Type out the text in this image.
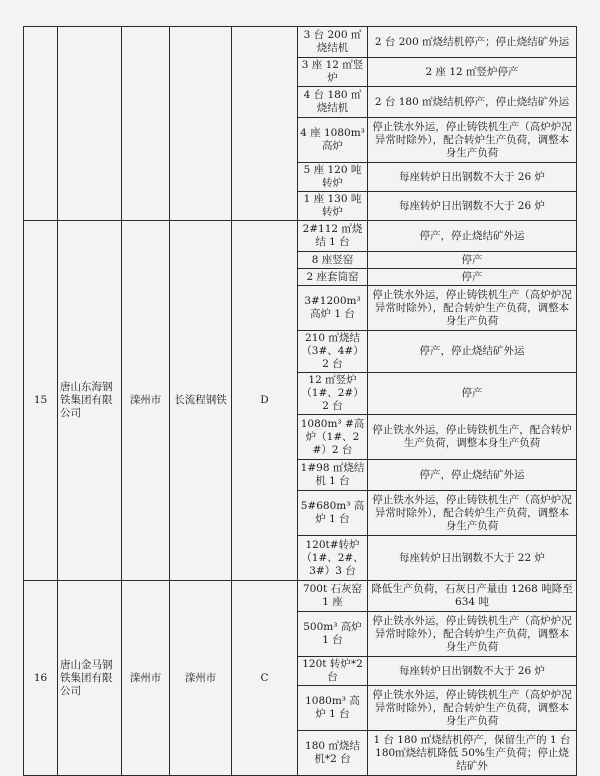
					3 台 200 ㎡烧结机	2 台 200 ㎡烧结机停产；停止烧结矿外运
					3 座 12 ㎡竖炉	2 座 12 ㎡竖炉停产
					4 台 180 ㎡烧结机	2 台 180 ㎡烧结机停产，停止烧结矿外运
					4 座 1080m³ 高炉	停止铁水外运，停止铸铁机生产（高炉炉况异常时除外），配合转炉生产负荷，调整本身生产负荷
					5 座 120 吨转炉	每座转炉日出钢数不大于 26 炉
					1 座 130 吨转炉	每座转炉日出钢数不大于 26 炉
15	唐山东海钢铁集团有限公司	滦州市	长流程钢铁	D	2#112 ㎡烧结 1 台	停产，停止烧结矿外运
					8 座竖窑	停产
					2 座套筒窑	停产
					3#1200m³ 高炉 1 台	停止铁水外运，停止铸铁机生产（高炉炉况异常时除外），配合转炉生产负荷，调整本身生产负荷
					210 ㎡烧结（3#、4#）2 台	停产，停止烧结矿外运
					12 ㎡竖炉（1#、2#）2 台	停产
					1080m³ #高炉（1#、2#）2 台	停止铁水外运，停止铸铁机生产，配合转炉生产负荷，调整本身生产负荷
					1#98 ㎡烧结机 1 台	停产，停止烧结矿外运
					5#680m³ 高炉 1 台	停止铁水外运，停止铸铁机生产（高炉炉况异常时除外），配合转炉生产负荷，调整本身生产负荷
					120t#转炉（1#、2#、3#）3 台	每座转炉日出钢数不大于 22 炉
16	唐山金马钢铁集团有限公司	滦州市	滦州市	C	700t 石灰窑 1 座	降低生产负荷，石灰日产量由 1268 吨降至 634 吨
					500m³ 高炉 1 台	停止铁水外运，停止铸铁机生产（高炉炉况异常时除外），配合转炉生产负荷，调整本身生产负荷
					120t 转炉*2 台	每座转炉日出钢数不大于 26 炉
					1080m³ 高炉 1 台	停止铁水外运，停止铸铁机生产（高炉炉况异常时除外），配合转炉生产负荷，调整本身生产负荷
					180 ㎡烧结机*2 台	1 台 180 ㎡烧结机停产，保留生产的 1 台 180㎡烧结机降低 50%生产负荷；停止烧结矿外
